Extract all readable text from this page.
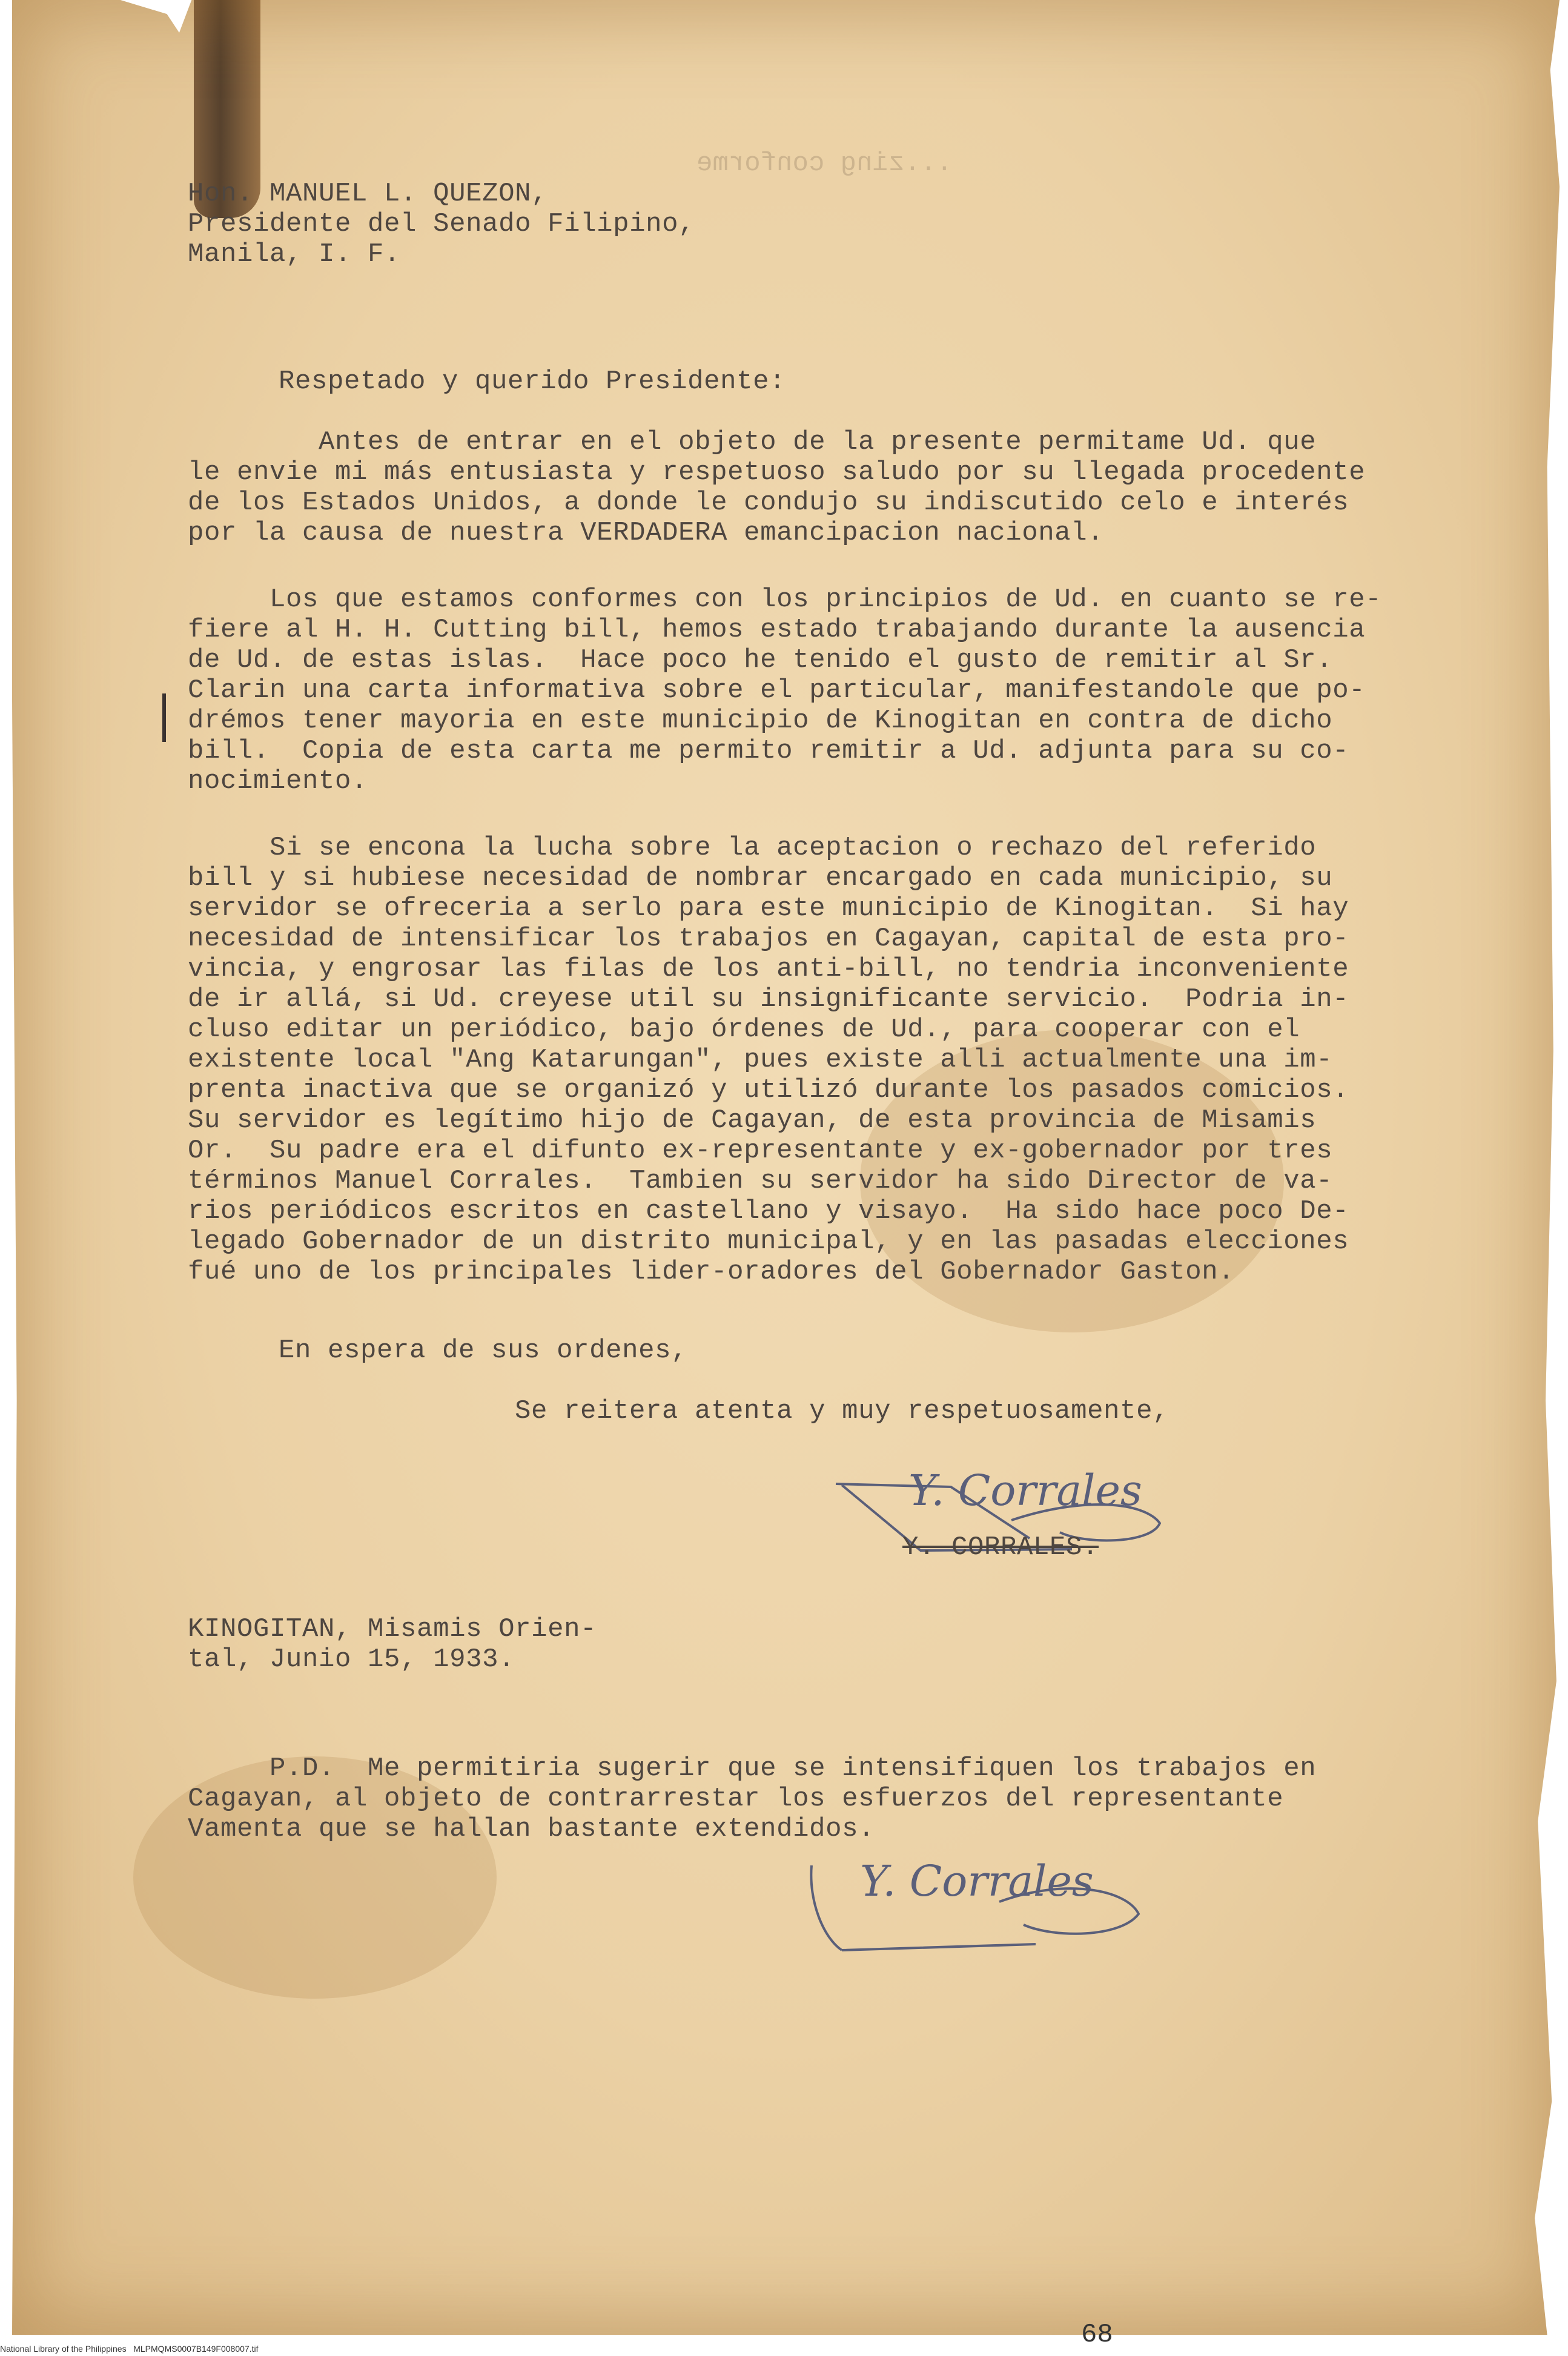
...zing conforme
Hon. MANUEL L. QUEZON,
Presidente del Senado Filipino,
Manila, I. F.
Respetado y querido Presidente:
Antes de entrar en el objeto de la presente permitame Ud. que
le envie mi más entusiasta y respetuoso saludo por su llegada procedente
de los Estados Unidos, a donde le condujo su indiscutido celo e interés
por la causa de nuestra VERDADERA emancipacion nacional.
Los que estamos conformes con los principios de Ud. en cuanto se re-
fiere al H. H. Cutting bill, hemos estado trabajando durante la ausencia
de Ud. de estas islas.  Hace poco he tenido el gusto de remitir al Sr.
Clarin una carta informativa sobre el particular, manifestandole que po-
drémos tener mayoria en este municipio de Kinogitan en contra de dicho
bill.  Copia de esta carta me permito remitir a Ud. adjunta para su co-
nocimiento.
Si se encona la lucha sobre la aceptacion o rechazo del referido
bill y si hubiese necesidad de nombrar encargado en cada municipio, su
servidor se ofreceria a serlo para este municipio de Kinogitan.  Si hay
necesidad de intensificar los trabajos en Cagayan, capital de esta pro-
vincia, y engrosar las filas de los anti-bill, no tendria inconveniente
de ir allá, si Ud. creyese util su insignificante servicio.  Podria in-
cluso editar un periódico, bajo órdenes de Ud., para cooperar con el
existente local "Ang Katarungan", pues existe alli actualmente una im-
prenta inactiva que se organizó y utilizó durante los pasados comicios.
Su servidor es legítimo hijo de Cagayan, de esta provincia de Misamis
Or.  Su padre era el difunto ex-representante y ex-gobernador por tres
términos Manuel Corrales.  Tambien su servidor ha sido Director de va-
rios periódicos escritos en castellano y visayo.  Ha sido hace poco De-
legado Gobernador de un distrito municipal, y en las pasadas elecciones
fué uno de los principales lider-oradores del Gobernador Gaston.
En espera de sus ordenes,
Se reitera atenta y muy respetuosamente,
Y. Corrales
Y. CORRALES.
KINOGITAN, Misamis Orien-
tal, Junio 15, 1933.
P.D.  Me permitiria sugerir que se intensifiquen los trabajos en
Cagayan, al objeto de contrarrestar los esfuerzos del representante
Vamenta que se hallan bastante extendidos.
Y. Corrales
68
National Library of the Philippines   MLPMQMS0007B149F008007.tif
